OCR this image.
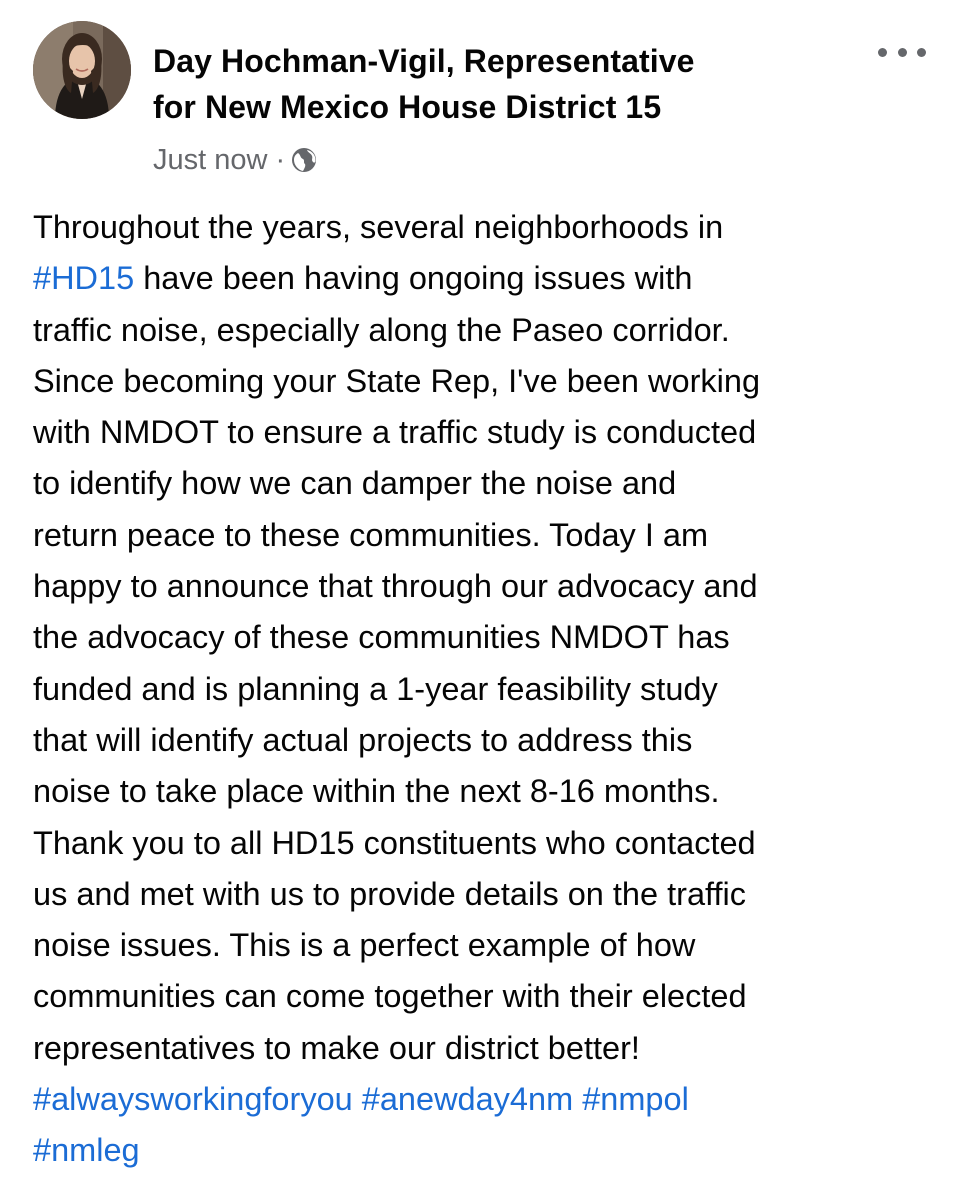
Day Hochman-Vigil, Representative
for New Mexico House District 15
Just now ·
Throughout the years, several neighborhoods in
#HD15 have been having ongoing issues with
traffic noise, especially along the Paseo corridor.
Since becoming your State Rep, I've been working
with NMDOT to ensure a traffic study is conducted
to identify how we can damper the noise and
return peace to these communities. Today I am
happy to announce that through our advocacy and
the advocacy of these communities NMDOT has
funded and is planning a 1-year feasibility study
that will identify actual projects to address this
noise to take place within the next 8-16 months.
Thank you to all HD15 constituents who contacted
us and met with us to provide details on the traffic
noise issues. This is a perfect example of how
communities can come together with their elected
representatives to make our district better!
#alwaysworkingforyou #anewday4nm #nmpol
#nmleg
